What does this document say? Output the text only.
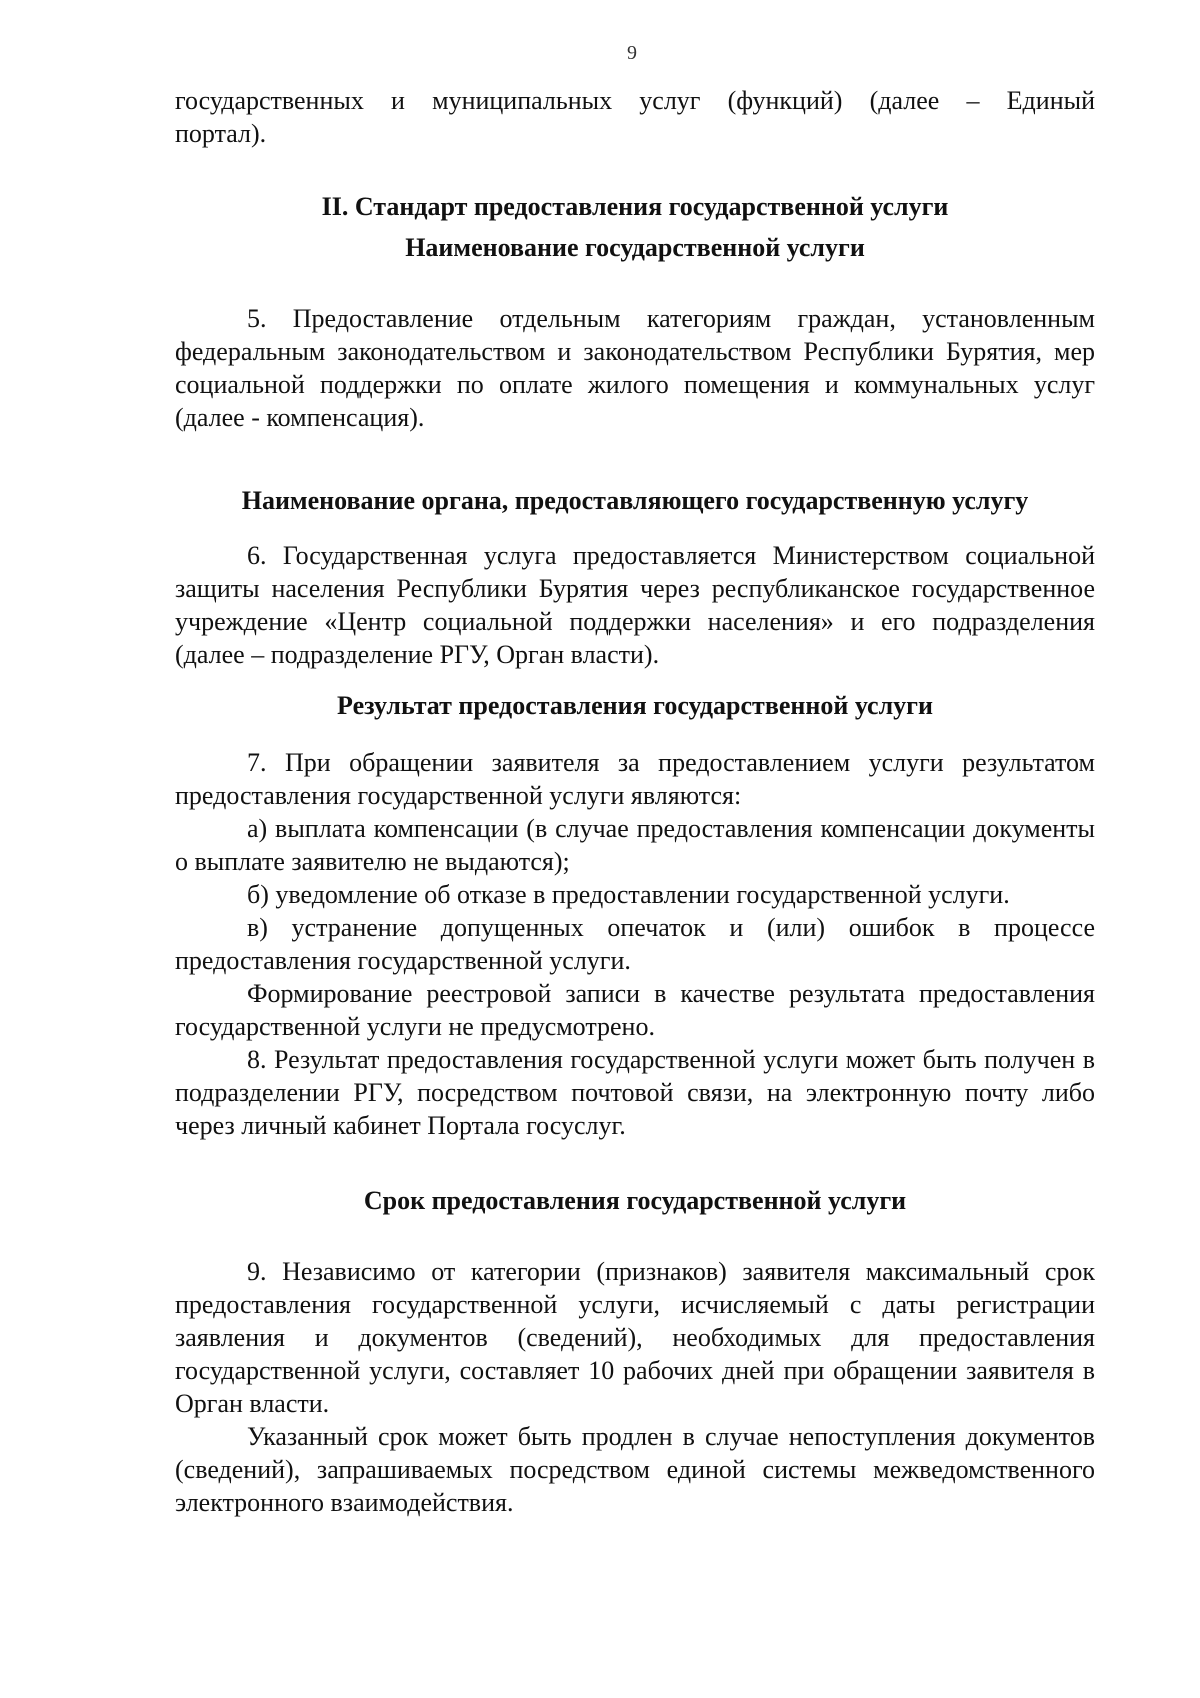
9

государственных и муниципальных услуг (функций) (далее – Единый

портал).

II. Стандарт предоставления государственной услуги
Наименование государственной услуги

5. Предоставление отдельным категориям граждан, установленным федеральным законодательством и законодательством Республики Бурятия, мер социальной поддержки по оплате жилого помещения и коммунальных услуг (далее - компенсация).

Наименование органа, предоставляющего государственную услугу

6. Государственная услуга предоставляется Министерством социальной защиты населения Республики Бурятия через республиканское государственное учреждение «Центр социальной поддержки населения» и его подразделения (далее – подразделение РГУ, Орган власти).

Результат предоставления государственной услуги

7. При обращении заявителя за предоставлением услуги результатом предоставления государственной услуги являются:

а) выплата компенсации (в случае предоставления компенсации документы о выплате заявителю не выдаются);

б) уведомление об отказе в предоставлении государственной услуги.

в) устранение допущенных опечаток и (или) ошибок в процессе предоставления государственной услуги.

Формирование реестровой записи в качестве результата предоставления государственной услуги не предусмотрено.

8. Результат предоставления государственной услуги может быть получен в подразделении РГУ, посредством почтовой связи, на электронную почту либо через личный кабинет Портала госуслуг.

Срок предоставления государственной услуги

9. Независимо от категории (признаков) заявителя максимальный срок предоставления государственной услуги, исчисляемый с даты регистрации заявления и документов (сведений), необходимых для предоставления государственной услуги, составляет 10 рабочих дней при обращении заявителя в Орган власти.

Указанный срок может быть продлен в случае непоступления документов (сведений), запрашиваемых посредством единой системы межведомственного электронного взаимодействия.
